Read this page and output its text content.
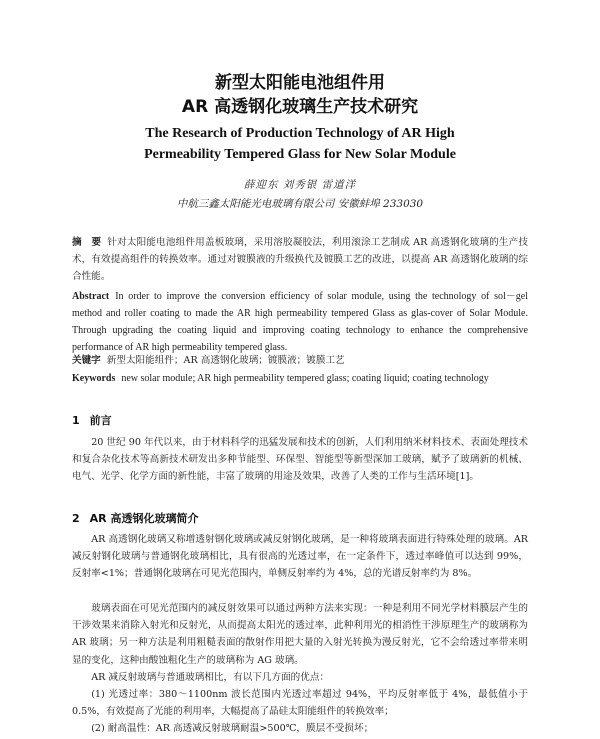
新型太阳能电池组件用
AR 高透钢化玻璃生产技术研究
The Research of Production Technology of AR High
Permeability Tempered Glass for New Solar Module
薛迎东 刘秀银 雷道洋
中航三鑫太阳能光电玻璃有限公司 安徽蚌埠 233030
摘　要 针对太阳能电池组件用盖板玻璃，采用溶胶凝胶法，利用滚涂工艺制成 AR 高透钢化玻璃的生产技术，有效提高组件的转换效率。通过对镀膜液的升级换代及镀膜工艺的改进，以提高 AR 高透钢化玻璃的综合性能。
Abstract In order to improve the conversion efficiency of solar module, using the technology of sol－gel method and roller coating to made the AR high permeability tempered Glass as glas-cover of Solar Module. Through upgrading the coating liquid and improving coating technology to enhance the comprehensive performance of AR high permeability tempered glass.
关键字 新型太阳能组件；AR 高透钢化玻璃；镀膜液；镀膜工艺
Keywords new solar module; AR high permeability tempered glass; coating liquid; coating technology
1 前言
20 世纪 90 年代以来，由于材料科学的迅猛发展和技术的创新，人们利用纳米材料技术、表面处理技术和复合杂化技术等高新技术研发出多种节能型、环保型、智能型等新型深加工玻璃，赋予了玻璃新的机械、电气、光学、化学方面的新性能，丰富了玻璃的用途及效果，改善了人类的工作与生活环境[1]。
2 AR 高透钢化玻璃简介
AR 高透钢化玻璃又称增透射钢化玻璃或减反射钢化玻璃，是一种将玻璃表面进行特殊处理的玻璃。AR 减反射钢化玻璃与普通钢化玻璃相比，具有很高的光透过率，在一定条件下，透过率峰值可以达到 99%，反射率<1%；普通钢化玻璃在可见光范围内，单侧反射率约为 4%，总的光谱反射率约为 8%。
玻璃表面在可见光范围内的减反射效果可以通过两种方法来实现：一种是利用不同光学材料膜层产生的干涉效果来消除入射光和反射光，从而提高太阳光的透过率，此种利用光的相消性干涉原理生产的玻璃称为 AR 玻璃；另一种方法是利用粗糙表面的散射作用把大量的入射光转换为漫反射光，它不会给透过率带来明显的变化，这种由酸蚀粗化生产的玻璃称为 AG 玻璃。
AR 减反射玻璃与普通玻璃相比，有以下几方面的优点：
(1) 光透过率：380～1100nm 波长范围内光透过率超过 94%，平均反射率低于 4%，最低值小于 0.5%，有效提高了光能的利用率，大幅提高了晶硅太阳能组件的转换效率；
(2) 耐高温性：AR 高透减反射玻璃耐温>500℃，膜层不受损坏；
